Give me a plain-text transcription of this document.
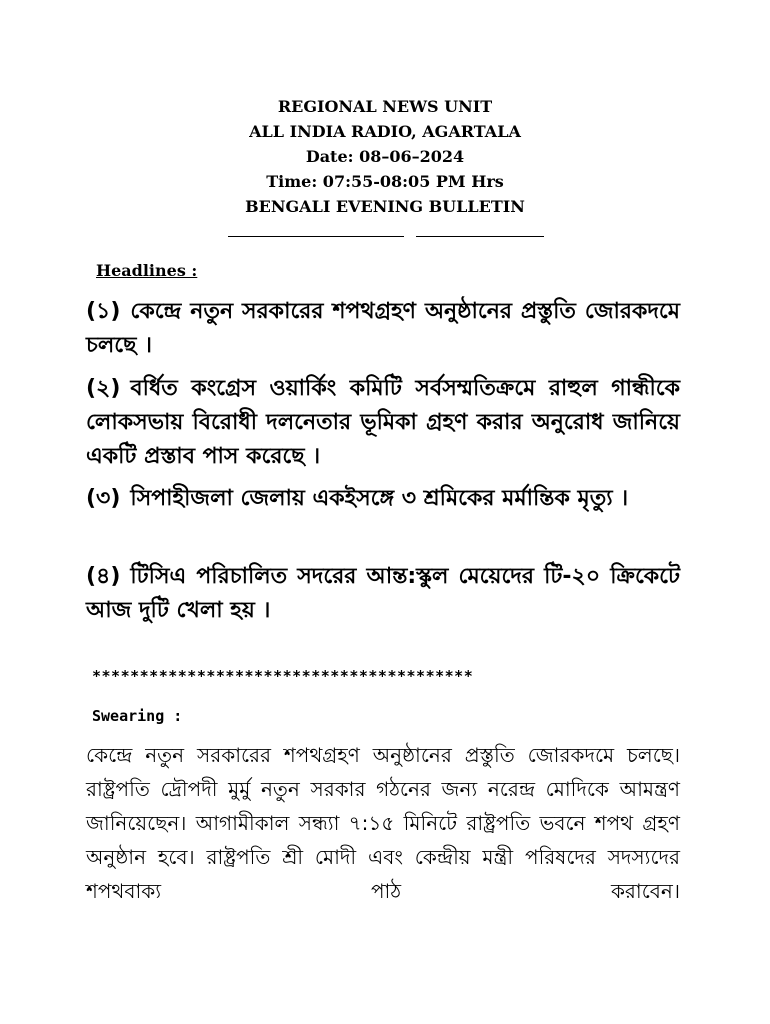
REGIONAL NEWS UNIT
ALL INDIA RADIO, AGARTALA
Date: 08–06–2024
Time: 07:55-08:05 PM Hrs
BENGALI EVENING BULLETIN
Headlines :
(১) কেন্দ্রে নতুন সরকারের শপথগ্রহণ অনুষ্ঠানের প্রস্তুতি জোরকদমে চলছে ।
(২) বর্ধিত কংগ্রেস ওয়ার্কিং কমিটি সর্বসম্মতিক্রমে রাহুল গান্ধীকে লোকসভায় বিরোধী দলনেতার ভূমিকা গ্রহণ করার অনুরোধ জানিয়ে একটি প্রস্তাব পাস করেছে ।
(৩) সিপাহীজলা জেলায় একইসঙ্গে ৩ শ্রমিকের মর্মান্তিক মৃত্যু ।
(৪) টিসিএ পরিচালিত সদরের আন্ত:স্কুল মেয়েদের টি-২০ ক্রিকেটে আজ দুটি খেলা হয় ।
****************************************
Swearing :
কেন্দ্রে নতুন সরকারের শপথগ্রহণ অনুষ্ঠানের প্রস্তুতি জোরকদমে চলছে। রাষ্ট্রপতি দ্রৌপদী মুর্মু নতুন সরকার গঠনের জন্য নরেন্দ্র মোদিকে আমন্ত্রণ জানিয়েছেন। আগামীকাল সন্ধ্যা ৭:১৫ মিনিটে রাষ্ট্রপতি ভবনে শপথ গ্রহণ অনুষ্ঠান হবে। রাষ্ট্রপতি শ্রী মোদী এবং কেন্দ্রীয় মন্ত্রী পরিষদের সদস্যদের শপথবাক্য পাঠ করাবেন।
